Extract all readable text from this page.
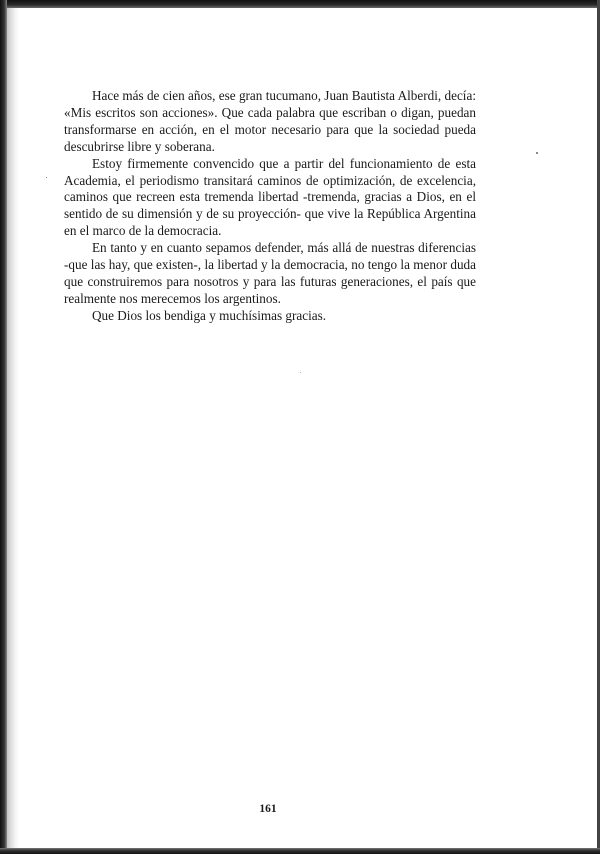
Hace más de cien años, ese gran tucumano, Juan Bautista Alberdi, decía: «Mis escritos son acciones». Que cada palabra que escriban o digan, puedan transformarse en acción, en el motor necesario para que la sociedad pueda descubrirse libre y soberana.

Estoy firmemente convencido que a partir del funcionamiento de esta Academia, el periodismo transitará caminos de optimización, de excelencia, caminos que recreen esta tremenda libertad -tremenda, gracias a Dios, en el sentido de su dimensión y de su proyección- que vive la República Argentina en el marco de la democracia.

En tanto y en cuanto sepamos defender, más allá de nuestras diferencias -que las hay, que existen-, la libertad y la democracia, no tengo la menor duda que construiremos para nosotros y para las futuras generaciones, el país que realmente nos merecemos los argentinos.

Que Dios los bendiga y muchísimas gracias.

161
